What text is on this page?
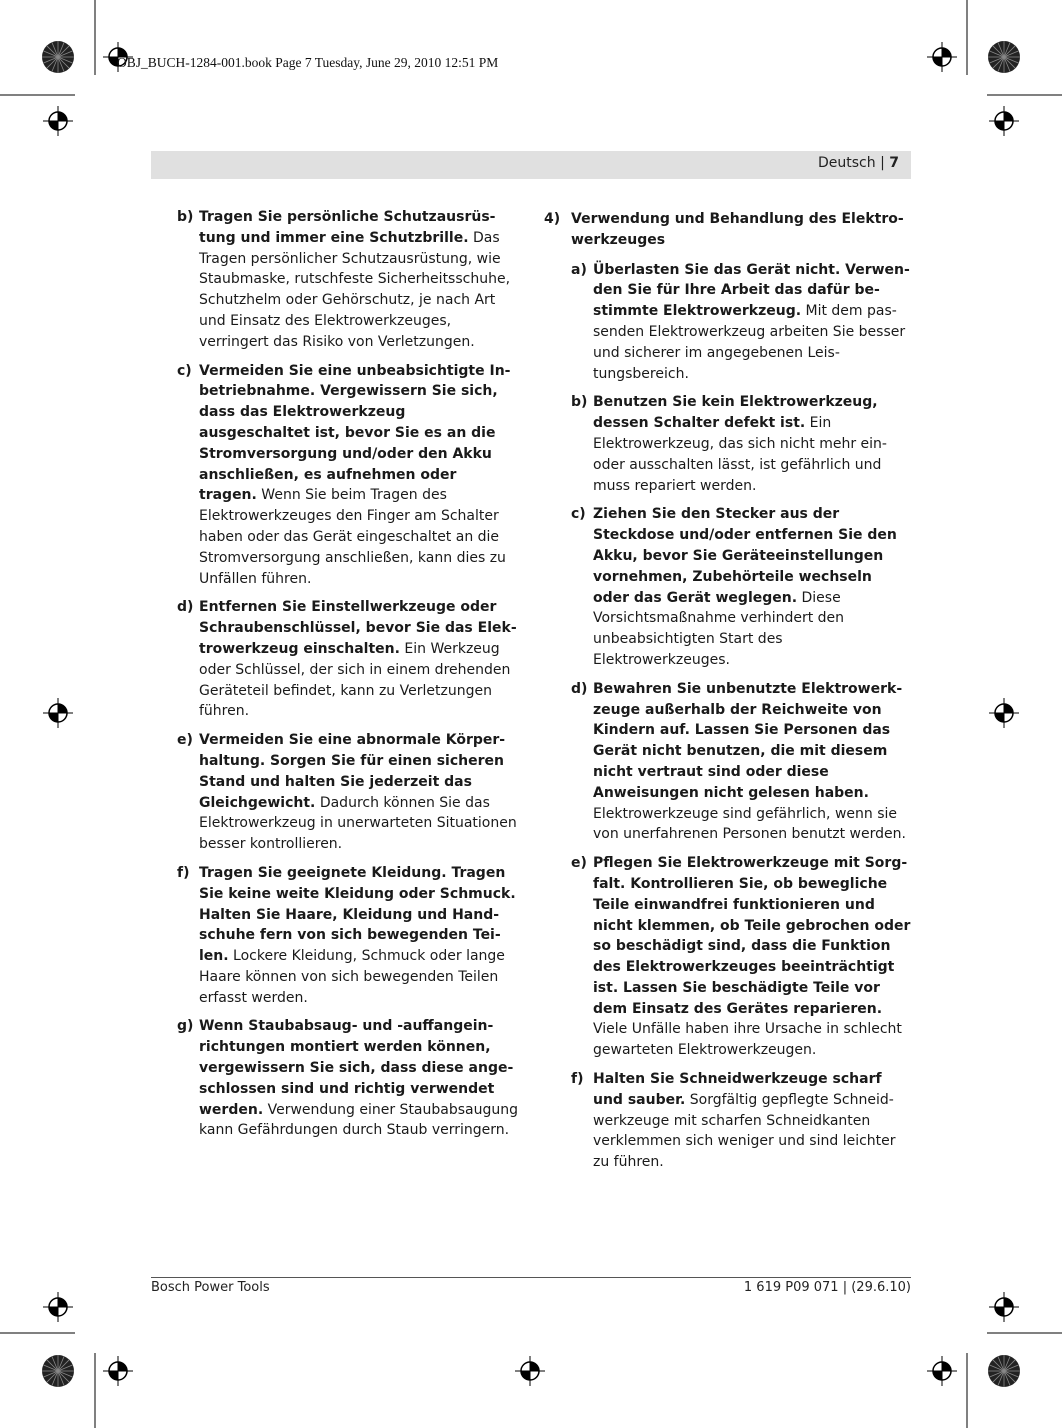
OBJ_BUCH-1284-001.book Page 7 Tuesday, June 29, 2010 12:51 PM
Deutsch | 7
b) Tragen Sie persönliche Schutzausrüstung und immer eine Schutzbrille. Das Tragen persönlicher Schutzausrüstung, wie Staubmaske, rutschfeste Sicherheitsschuhe, Schutzhelm oder Gehörschutz, je nach Art und Einsatz des Elektrowerkzeuges, verringert das Risiko von Verletzungen.
c) Vermeiden Sie eine unbeabsichtigte Inbetriebnahme. Vergewissern Sie sich, dass das Elektrowerkzeug ausgeschaltet ist, bevor Sie es an die Stromversorgung und/oder den Akku anschließen, es aufnehmen oder tragen. Wenn Sie beim Tragen des Elektrowerkzeuges den Finger am Schalter haben oder das Gerät eingeschaltet an die Stromversorgung anschließen, kann dies zu Unfällen führen.
d) Entfernen Sie Einstellwerkzeuge oder Schraubenschlüssel, bevor Sie das Elektrowerkzeug einschalten. Ein Werkzeug oder Schlüssel, der sich in einem drehenden Geräteteil befindet, kann zu Verletzungen führen.
e) Vermeiden Sie eine abnormale Körperhaltung. Sorgen Sie für einen sicheren Stand und halten Sie jederzeit das Gleichgewicht. Dadurch können Sie das Elektrowerkzeug in unerwarteten Situationen besser kontrollieren.
f) Tragen Sie geeignete Kleidung. Tragen Sie keine weite Kleidung oder Schmuck. Halten Sie Haare, Kleidung und Handschuhe fern von sich bewegenden Teilen. Lockere Kleidung, Schmuck oder lange Haare können von sich bewegenden Teilen erfasst werden.
g) Wenn Staubabsaug- und -auffangeinrichtungen montiert werden können, vergewissern Sie sich, dass diese angeschlossen sind und richtig verwendet werden. Verwendung einer Staubabsaugung kann Gefährdungen durch Staub verringern.
4) Verwendung und Behandlung des Elektrowerkzeuges
a) Überlasten Sie das Gerät nicht. Verwenden Sie für Ihre Arbeit das dafür bestimmte Elektrowerkzeug. Mit dem passenden Elektrowerkzeug arbeiten Sie besser und sicherer im angegebenen Leistungsbereich.
b) Benutzen Sie kein Elektrowerkzeug, dessen Schalter defekt ist. Ein Elektrowerkzeug, das sich nicht mehr ein- oder ausschalten lässt, ist gefährlich und muss repariert werden.
c) Ziehen Sie den Stecker aus der Steckdose und/oder entfernen Sie den Akku, bevor Sie Geräteeinstellungen vornehmen, Zubehörteile wechseln oder das Gerät weglegen. Diese Vorsichtsmaßnahme verhindert den unbeabsichtigten Start des Elektrowerkzeuges.
d) Bewahren Sie unbenutzte Elektrowerkzeuge außerhalb der Reichweite von Kindern auf. Lassen Sie Personen das Gerät nicht benutzen, die mit diesem nicht vertraut sind oder diese Anweisungen nicht gelesen haben. Elektrowerkzeuge sind gefährlich, wenn sie von unerfahrenen Personen benutzt werden.
e) Pflegen Sie Elektrowerkzeuge mit Sorgfalt. Kontrollieren Sie, ob bewegliche Teile einwandfrei funktionieren und nicht klemmen, ob Teile gebrochen oder so beschädigt sind, dass die Funktion des Elektrowerkzeuges beeinträchtigt ist. Lassen Sie beschädigte Teile vor dem Einsatz des Gerätes reparieren. Viele Unfälle haben ihre Ursache in schlecht gewarteten Elektrowerkzeugen.
f) Halten Sie Schneidwerkzeuge scharf und sauber. Sorgfältig gepflegte Schneidwerkzeuge mit scharfen Schneidkanten verklemmen sich weniger und sind leichter zu führen.
Bosch Power Tools	1 619 P09 071 | (29.6.10)
